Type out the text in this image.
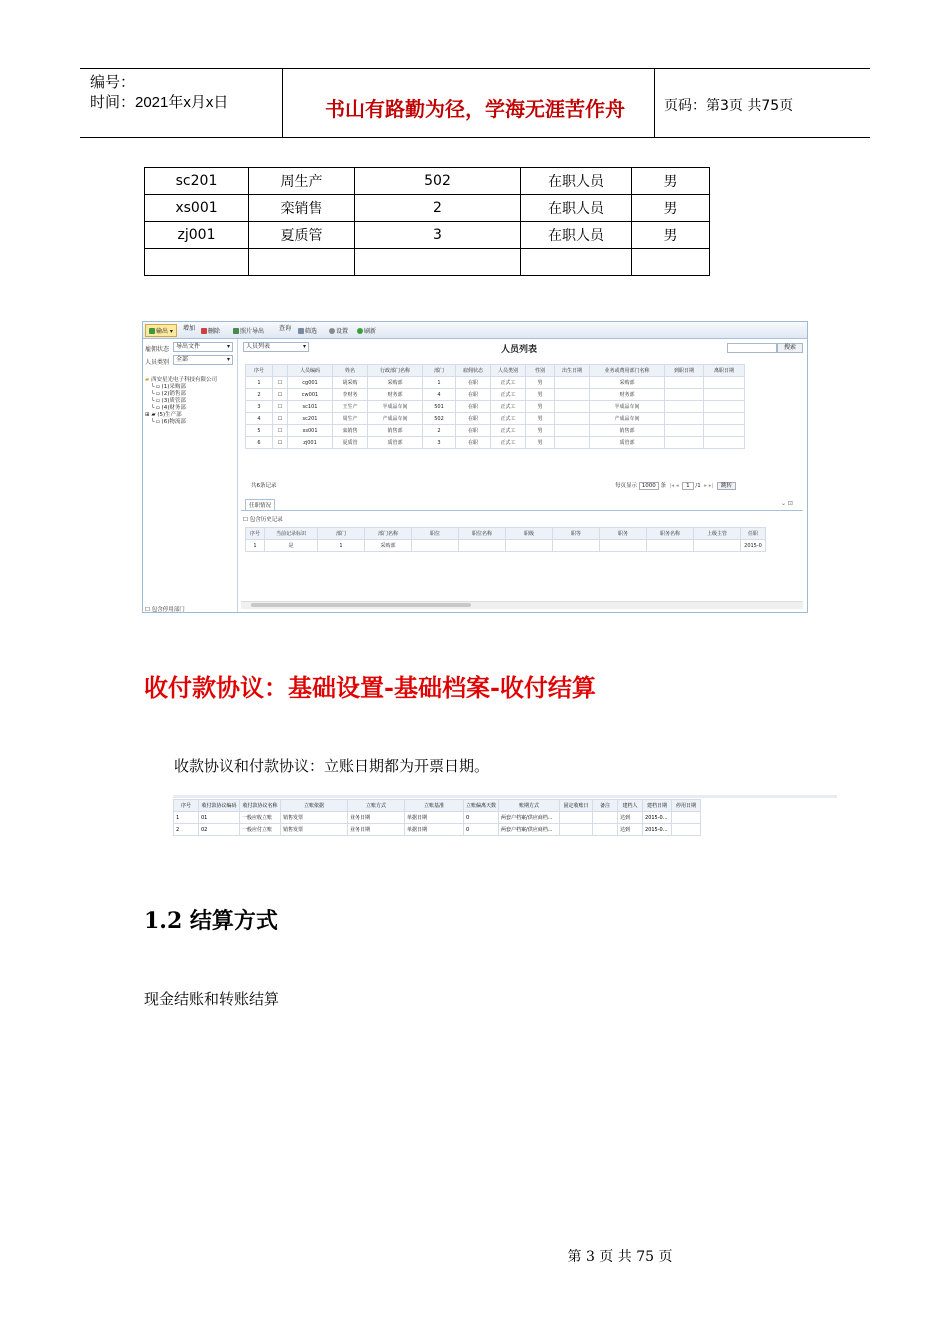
编号：
时间：2021年x月x日	书山有路勤为径，学海无涯苦作舟	页码：第3页 共75页
sc201	周生产	502	在职人员	男
xs001	栾销售	2	在职人员	男
zj001	夏质管	3	在职人员	男

输出 ▾	增加	删除	照片导出 查询	筛选	设置	刷新
雇佣状态	导出文件	▾
人员类别	全部	▾
▰ 西安星光电子科技有限公司
└ ▫ (1)采购部
└ ▫ (2)销售部
└ ▫ (3)质管部
└ ▫ (4)财务部
⊞ ▰ (5)生产部
└ ▫ (6)物流部
☐ 包含停用部门
人员列表	▾	人员列表	搜索
序号		人员编码	姓名	行政部门名称	部门	雇佣状态	人员类别	性别	出生日期	业务或费用部门名称	到职日期	离职日期
1	☐	cg001	胡采购	采购部	1	在职	正式工	男		采购部		
2	☐	cw001	李财务	财务部	4	在职	正式工	男		财务部		
3	☐	sc101	王生产	半成品车间	501	在职	正式工	男		半成品车间		
4	☐	sc201	周生产	产成品车间	502	在职	正式工	男		产成品车间		
5	☐	xs001	栾销售	销售部	2	在职	正式工	男		销售部		
6	☐	zj001	夏质管	质管部	3	在职	正式工	男		质管部		
共6条记录	每页显示 1000 条  |◂ ◂  1 /1  ▸ ▸|  跳转
任职情况	⌄ ⊡
☐ 包含历史记录
序号	当前记录标识	部门	部门名称	职位	职位名称	职级	职等	职务	职务名称	上级主管	任职
1	是	1	采购部								2015-0
收付款协议：基础设置-基础档案-收付结算
收款协议和付款协议：立账日期都为开票日期。
序号	收付款协议编码	收付款协议名称	立账依据	立账方式	立账基准	立账偏离天数	账期方式	固定收账日	备注	建档人	建档日期	停用日期
1	01	一般应收立账	销售发票	业务日期	单据日期	0	两套户档案/供应商档...			达到	2015-0...	
2	02	一般应付立账	销售发票	业务日期	单据日期	0	两套户档案/供应商档...			达到	2015-0...	
1.2 结算方式
现金结账和转账结算
第 3 页 共 75 页
